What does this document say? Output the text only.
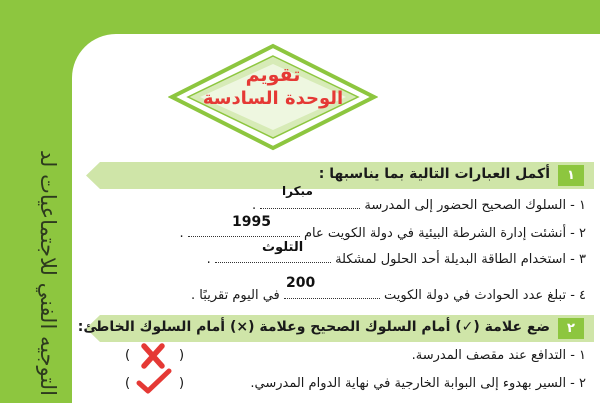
التوجيه الفني للاجتماعيات لد
تقويم
الوحدة السادسة
١
أكمل العبارات التالية بما يناسبها :
١ - السلوك الصحيح الحضور إلى المدرسة  .
مبكرا
٢ - أنشئت إدارة الشرطة البيئية في دولة الكويت عام  .
1995
٣ - استخدام الطاقة البديلة أحد الحلول لمشكلة  .
التلوث
٤ - تبلغ عدد الحوادث في دولة الكويت  في اليوم تقريبًا .
200
٢
ضع علامة (✓) أمام السلوك الصحيح وعلامة (×) أمام السلوك الخاطئ:
١ - التدافع عند مقصف المدرسة.
(	)
٢ - السير بهدوء إلى البوابة الخارجية في نهاية الدوام المدرسي.
(	)
